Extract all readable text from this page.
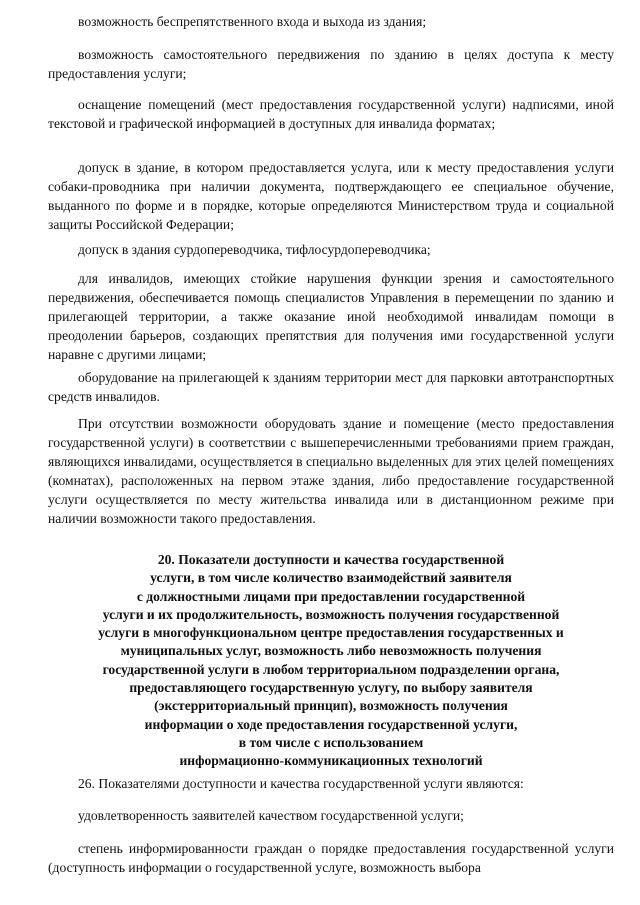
возможность беспрепятственного входа и выхода из здания;

возможность самостоятельного передвижения по зданию в целях доступа к месту предоставления услуги;

оснащение помещений (мест предоставления государственной услуги) надписями, иной текстовой и графической информацией в доступных для инвалида форматах;

допуск в здание, в котором предоставляется услуга, или к месту предоставления услуги собаки-проводника при наличии документа, подтверждающего ее специальное обучение, выданного по форме и в порядке, которые определяются Министерством труда и социальной защиты Российской Федерации;

допуск в здания сурдопереводчика, тифлосурдопереводчика;

для инвалидов, имеющих стойкие нарушения функции зрения и самостоятельного передвижения, обеспечивается помощь специалистов Управления в перемещении по зданию и прилегающей территории, а также оказание иной необходимой инвалидам помощи в преодолении барьеров, создающих препятствия для получения ими государственной услуги наравне с другими лицами;

оборудование на прилегающей к зданиям территории мест для парковки автотранспортных средств инвалидов.

При отсутствии возможности оборудовать здание и помещение (место предоставления государственной услуги) в соответствии с вышеперечисленными требованиями прием граждан, являющихся инвалидами, осуществляется в специально выделенных для этих целей помещениях (комнатах), расположенных на первом этаже здания, либо предоставление государственной услуги осуществляется по месту жительства инвалида или в дистанционном режиме при наличии возможности такого предоставления.

20. Показатели доступности и качества государственной
услуги, в том числе количество взаимодействий заявителя
с должностными лицами при предоставлении государственной
услуги и их продолжительность, возможность получения государственной
услуги в многофункциональном центре предоставления государственных и
муниципальных услуг, возможность либо невозможность получения
государственной услуги в любом территориальном подразделении органа,
предоставляющего государственную услугу, по выбору заявителя
(экстерриториальный принцип), возможность получения
информации о ходе предоставления государственной услуги,
в том числе с использованием
информационно-коммуникационных технологий

26. Показателями доступности и качества государственной услуги являются:

удовлетворенность заявителей качеством государственной услуги;

степень информированности граждан о порядке предоставления государственной услуги (доступность информации о государственной услуге, возможность выбора
